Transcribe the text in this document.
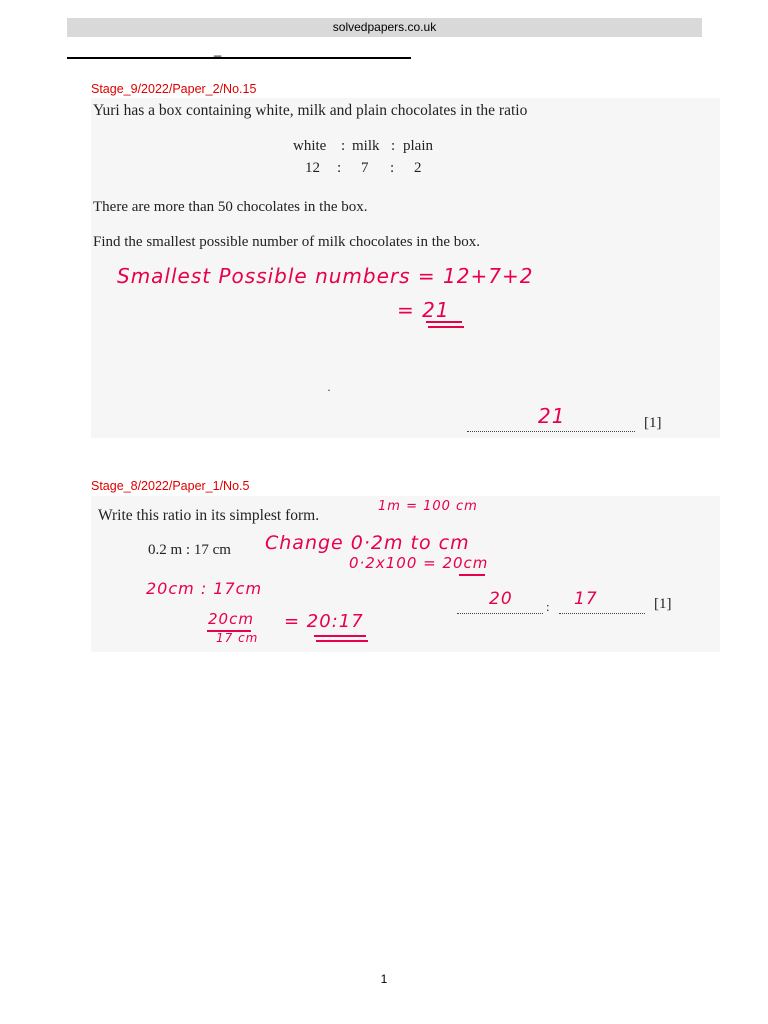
solvedpapers.co.uk
_
Stage_9/2022/Paper_2/No.15
Yuri has a box containing white, milk and plain chocolates in the ratio
white : milk : plain
12 : 7 : 2
There are more than 50 chocolates in the box.
Find the smallest possible number of milk chocolates in the box.
Smallest Possible numbers = 12+7+2
= 21
·
21	[1]
Stage_8/2022/Paper_1/No.5
Write this ratio in its simplest form.
1m = 100 cm
0.2 m : 17 cm Change 0·2m to cm
0·2x100 = 20cm
20cm : 17cm
20cm
17 cm
= 20:17
20	: 17	[1]
1
